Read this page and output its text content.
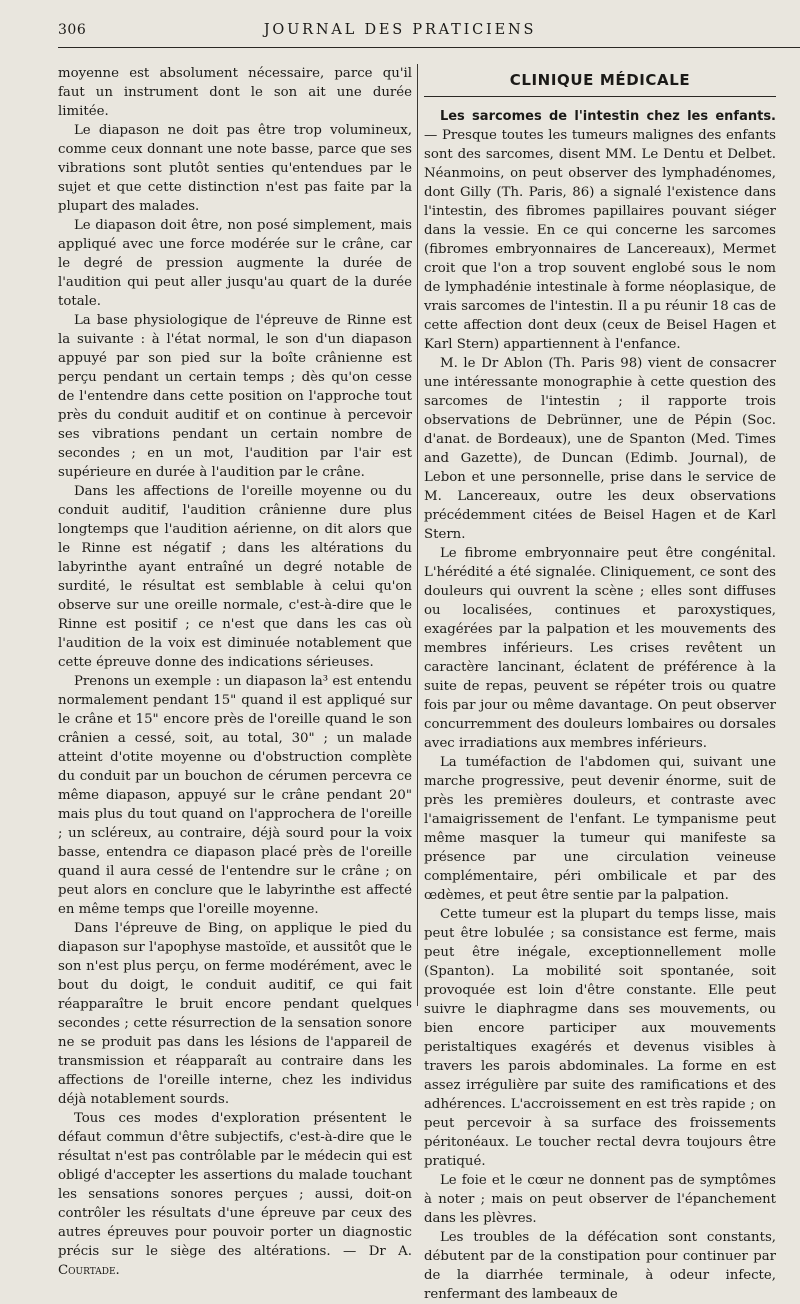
306	JOURNAL DES PRATICIENS

moyenne est absolument nécessaire, parce qu'il faut un instrument dont le son ait une durée limitée.

Le diapason ne doit pas être trop volumineux, comme ceux donnant une note basse, parce que ses vibrations sont plutôt senties qu'entendues par le sujet et que cette distinction n'est pas faite par la plupart des malades.

Le diapason doit être, non posé simplement, mais appliqué avec une force modérée sur le crâne, car le degré de pression augmente la durée de l'audition qui peut aller jusqu'au quart de la durée totale.

La base physiologique de l'épreuve de Rinne est la suivante : à l'état normal, le son d'un diapason appuyé par son pied sur la boîte crânienne est perçu pendant un certain temps ; dès qu'on cesse de l'entendre dans cette position on l'approche tout près du conduit auditif et on continue à percevoir ses vibrations pendant un certain nombre de secondes ; en un mot, l'audition par l'air est supérieure en durée à l'audition par le crâne.

Dans les affections de l'oreille moyenne ou du conduit auditif, l'audition crânienne dure plus longtemps que l'audition aérienne, on dit alors que le Rinne est négatif ; dans les altérations du labyrinthe ayant entraîné un degré notable de surdité, le résultat est semblable à celui qu'on observe sur une oreille normale, c'est-à-dire que le Rinne est positif ; ce n'est que dans les cas où l'audition de la voix est diminuée notablement que cette épreuve donne des indications sérieuses.

Prenons un exemple : un diapason la³ est entendu normalement pendant 15" quand il est appliqué sur le crâne et 15" encore près de l'oreille quand le son crânien a cessé, soit, au total, 30" ; un malade atteint d'otite moyenne ou d'obstruction complète du conduit par un bouchon de cérumen percevra ce même diapason, appuyé sur le crâne pendant 20" mais plus du tout quand on l'approchera de l'oreille ; un scléreux, au contraire, déjà sourd pour la voix basse, entendra ce diapason placé près de l'oreille quand il aura cessé de l'entendre sur le crâne ; on peut alors en conclure que le labyrinthe est affecté en même temps que l'oreille moyenne.

Dans l'épreuve de Bing, on applique le pied du diapason sur l'apophyse mastoïde, et aussitôt que le son n'est plus perçu, on ferme modérément, avec le bout du doigt, le conduit auditif, ce qui fait réapparaître le bruit encore pendant quelques secondes ; cette résurrection de la sensation sonore ne se produit pas dans les lésions de l'appareil de transmission et réapparaît au contraire dans les affections de l'oreille interne, chez les individus déjà notablement sourds.

Tous ces modes d'exploration présentent le défaut commun d'être subjectifs, c'est-à-dire que le résultat n'est pas contrôlable par le médecin qui est obligé d'accepter les assertions du malade touchant les sensations sonores perçues ; aussi, doit-on contrôler les résultats d'une épreuve par ceux des autres épreuves pour pouvoir porter un diagnostic précis sur le siège des altérations. — Dr A. Courtade.

CLINIQUE MÉDICALE

Les sarcomes de l'intestin chez les enfants. — Presque toutes les tumeurs malignes des enfants sont des sarcomes, disent MM. Le Dentu et Delbet. Néanmoins, on peut observer des lymphadénomes, dont Gilly (Th. Paris, 86) a signalé l'existence dans l'intestin, des fibromes papillaires pouvant siéger dans la vessie. En ce qui concerne les sarcomes (fibromes embryonnaires de Lancereaux), Mermet croit que l'on a trop souvent englobé sous le nom de lymphadénie intestinale à forme néoplasique, de vrais sarcomes de l'intestin. Il a pu réunir 18 cas de cette affection dont deux (ceux de Beisel Hagen et Karl Stern) appartiennent à l'enfance.

M. le Dr Ablon (Th. Paris 98) vient de consacrer une intéressante monographie à cette question des sarcomes de l'intestin ; il rapporte trois observations de Debrünner, une de Pépin (Soc. d'anat. de Bordeaux), une de Spanton (Med. Times and Gazette), de Duncan (Edimb. Journal), de Lebon et une personnelle, prise dans le service de M. Lancereaux, outre les deux observations précédemment citées de Beisel Hagen et de Karl Stern.

Le fibrome embryonnaire peut être congénital. L'hérédité a été signalée. Cliniquement, ce sont des douleurs qui ouvrent la scène ; elles sont diffuses ou localisées, continues et paroxystiques, exagérées par la palpation et les mouvements des membres inférieurs. Les crises revêtent un caractère lancinant, éclatent de préférence à la suite de repas, peuvent se répéter trois ou quatre fois par jour ou même davantage. On peut observer concurremment des douleurs lombaires ou dorsales avec irradiations aux membres inférieurs.

La tuméfaction de l'abdomen qui, suivant une marche progressive, peut devenir énorme, suit de près les premières douleurs, et contraste avec l'amaigrissement de l'enfant. Le tympanisme peut même masquer la tumeur qui manifeste sa présence par une circulation veineuse complémentaire, péri ombilicale et par des œdèmes, et peut être sentie par la palpation.

Cette tumeur est la plupart du temps lisse, mais peut être lobulée ; sa consistance est ferme, mais peut être inégale, exceptionnellement molle (Spanton). La mobilité soit spontanée, soit provoquée est loin d'être constante. Elle peut suivre le diaphragme dans ses mouvements, ou bien encore participer aux mouvements peristaltiques exagérés et devenus visibles à travers les parois abdominales. La forme en est assez irrégulière par suite des ramifications et des adhérences. L'accroissement en est très rapide ; on peut percevoir à sa surface des froissements péritonéaux. Le toucher rectal devra toujours être pratiqué.

Le foie et le cœur ne donnent pas de symptômes à noter ; mais on peut observer de l'épanchement dans les plèvres.

Les troubles de la défécation sont constants, débutent par de la constipation pour continuer par de la diarrhée terminale, à odeur infecte, renfermant des lambeaux de
